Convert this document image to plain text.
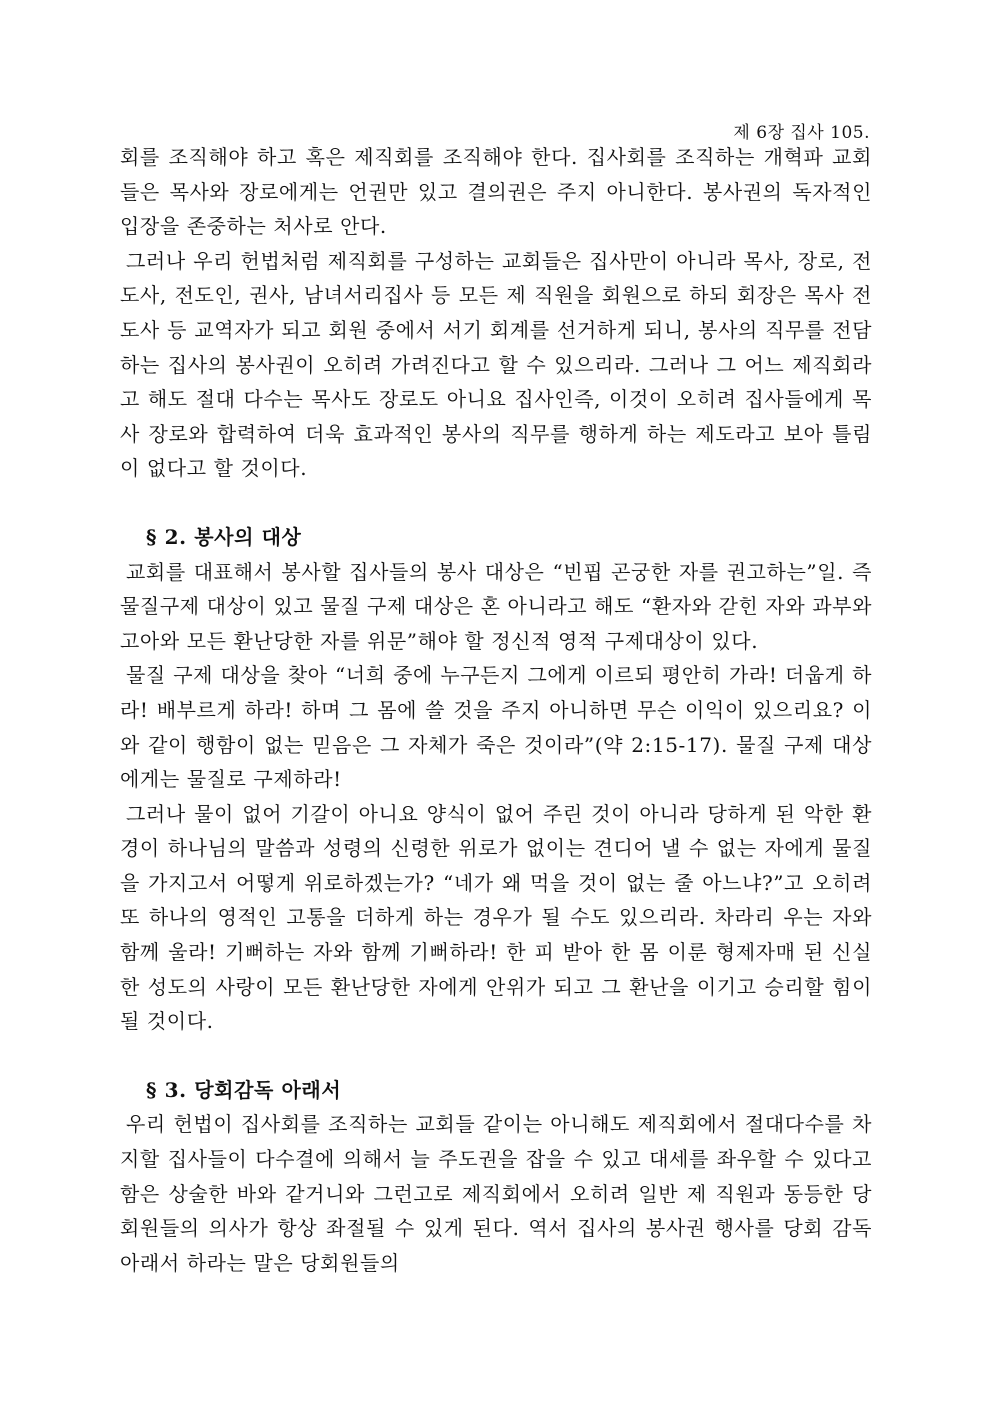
제 6장 집사 105.

회를 조직해야 하고 혹은 제직회를 조직해야 한다. 집사회를 조직하는 개혁파 교회들은 목사와 장로에게는 언권만 있고 결의권은 주지 아니한다. 봉사권의 독자적인 입장을 존중하는 처사로 안다.

그러나 우리 헌법처럼 제직회를 구성하는 교회들은 집사만이 아니라 목사, 장로, 전도사, 전도인, 권사, 남녀서리집사 등 모든 제 직원을 회원으로 하되 회장은 목사 전도사 등 교역자가 되고 회원 중에서 서기 회계를 선거하게 되니, 봉사의 직무를 전담하는 집사의 봉사권이 오히려 가려진다고 할 수 있으리라. 그러나 그 어느 제직회라고 해도 절대 다수는 목사도 장로도 아니요 집사인즉, 이것이 오히려 집사들에게 목사 장로와 합력하여 더욱 효과적인 봉사의 직무를 행하게 하는 제도라고 보아 틀림이 없다고 할 것이다.

§ 2. 봉사의 대상

교회를 대표해서 봉사할 집사들의 봉사 대상은 “빈핍 곤궁한 자를 권고하는”일. 즉 물질구제 대상이 있고 물질 구제 대상은 혼 아니라고 해도 “환자와 갇힌 자와 과부와 고아와 모든 환난당한 자를 위문”해야 할 정신적 영적 구제대상이 있다.

물질 구제 대상을 찾아 “너희 중에 누구든지 그에게 이르되 평안히 가라! 더웁게 하라! 배부르게 하라! 하며 그 몸에 쓸 것을 주지 아니하면 무슨 이익이 있으리요? 이와 같이 행함이 없는 믿음은 그 자체가 죽은 것이라”(약 2:15-17). 물질 구제 대상에게는 물질로 구제하라!

그러나 물이 없어 기갈이 아니요 양식이 없어 주린 것이 아니라 당하게 된 악한 환경이 하나님의 말씀과 성령의 신령한 위로가 없이는 견디어 낼 수 없는 자에게 물질을 가지고서 어떻게 위로하겠는가? “네가 왜 먹을 것이 없는 줄 아느냐?”고 오히려 또 하나의 영적인 고통을 더하게 하는 경우가 될 수도 있으리라. 차라리 우는 자와 함께 울라! 기뻐하는 자와 함께 기뻐하라! 한 피 받아 한 몸 이룬 형제자매 된 신실한 성도의 사랑이 모든 환난당한 자에게 안위가 되고 그 환난을 이기고 승리할 힘이 될 것이다.

§ 3. 당회감독 아래서

우리 헌법이 집사회를 조직하는 교회들 같이는 아니해도 제직회에서 절대다수를 차지할 집사들이 다수결에 의해서 늘 주도권을 잡을 수 있고 대세를 좌우할 수 있다고 함은 상술한 바와 같거니와 그런고로 제직회에서 오히려 일반 제 직원과 동등한 당회원들의 의사가 항상 좌절될 수 있게 된다. 역서 집사의 봉사권 행사를 당회 감독 아래서 하라는 말은 당회원들의
